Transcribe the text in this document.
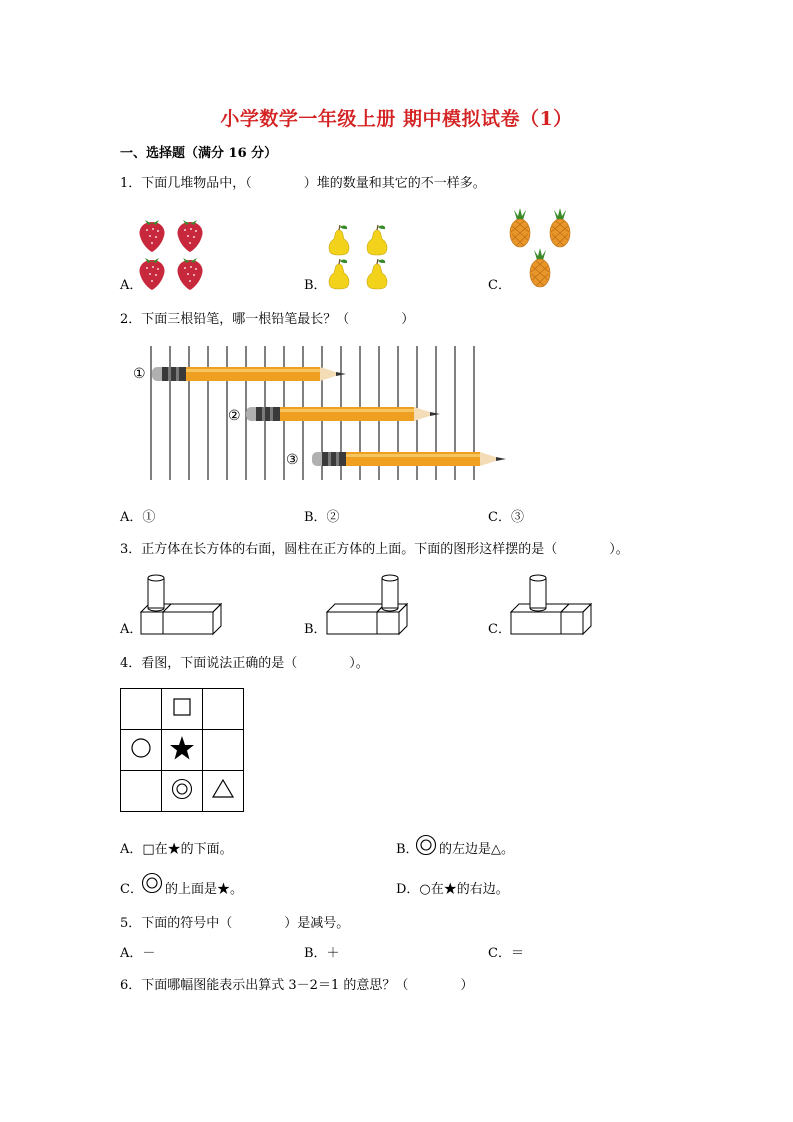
小学数学一年级上册 期中模拟试卷（1）
一、选择题（满分 16 分）
1．下面几堆物品中，（　　　　）堆的数量和其它的不一样多。
A．	B．	C．
2．下面三根铅笔，哪一根铅笔最长？（　　　　）
①
②
③
A．①	B．②	C．③
3．正方体在长方体的右面，圆柱在正方体的上面。下面的图形这样摆的是（　　　　）。
A．	B．	C．
4．看图，下面说法正确的是（　　　　）。

A．□在★的下面。	B． 的左边是△。
C． 的上面是★。	D．○在★的右边。
5．下面的符号中（　　　　）是减号。
A．－	B．＋	C．＝
6．下面哪幅图能表示出算式 3－2＝1 的意思？（　　　　）
